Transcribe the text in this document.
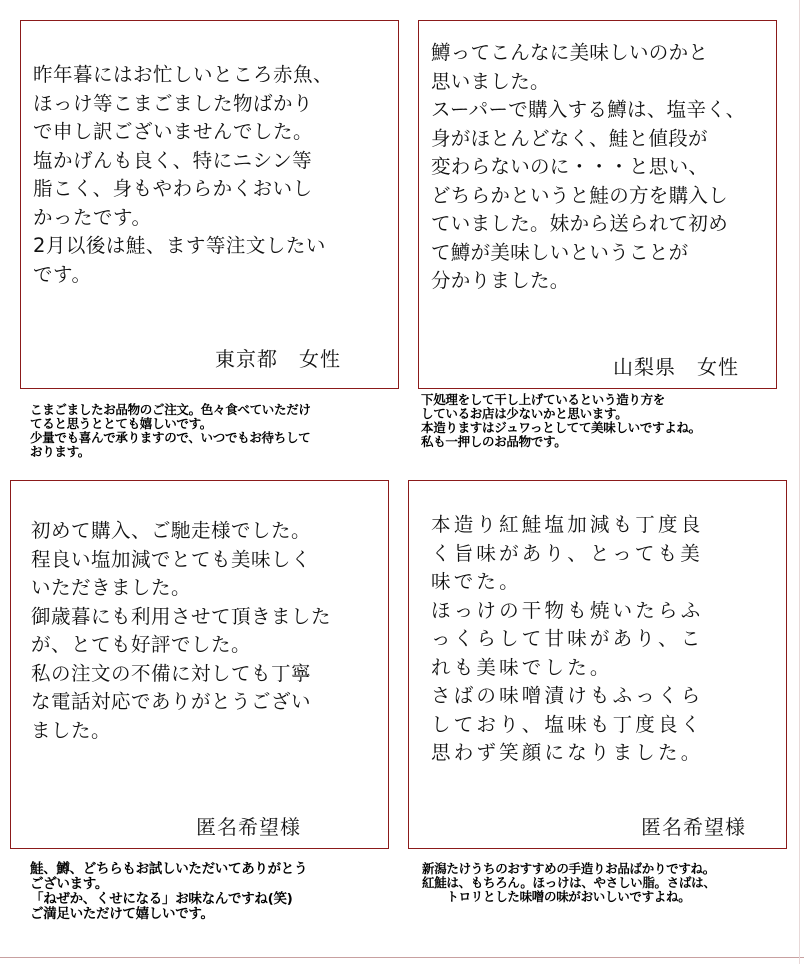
昨年暮にはお忙しいところ赤魚、
ほっけ等こまごました物ばかり
で申し訳ございませんでした。
塩かげんも良く、特にニシン等
脂こく、身もやわらかくおいし
かったです。
2月以後は鮭、ます等注文したい
です。
東京都　女性
こまごましたお品物のご注文。色々食べていただけ
てると思うととても嬉しいです。
少量でも喜んで承りますので、いつでもお待ちして
おります。
鱒ってこんなに美味しいのかと
思いました。
スーパーで購入する鱒は、塩辛く、
身がほとんどなく、鮭と値段が
変わらないのに・・・と思い、
どちらかというと鮭の方を購入し
ていました。妹から送られて初め
て鱒が美味しいということが
分かりました。
山梨県　女性
下処理をして干し上げているという造り方を
しているお店は少ないかと思います。
本造りますはジュワっとしてて美味しいですよね。
私も一押しのお品物です。
初めて購入、ご馳走様でした。
程良い塩加減でとても美味しく
いただきました。
御歳暮にも利用させて頂きました
が、とても好評でした。
私の注文の不備に対しても丁寧
な電話対応でありがとうござい
ました。
匿名希望様
鮭、鱒、どちらもお試しいただいてありがとう
ございます。
「ねぜか、くせになる」お味なんですね(笑)
ご満足いただけて嬉しいです。
本造り紅鮭塩加減も丁度良
く旨味があり、とっても美
味でた。
ほっけの干物も焼いたらふ
っくらして甘味があり、こ
れも美味でした。
さばの味噌漬けもふっくら
しており、塩味も丁度良く
思わず笑顔になりました。
匿名希望様
新潟たけうちのおすすめの手造りお品ばかりですね。
紅鮭は、もちろん。ほっけは、やさしい脂。さばは、
　　トロリとした味噌の味がおいしいですよね。
